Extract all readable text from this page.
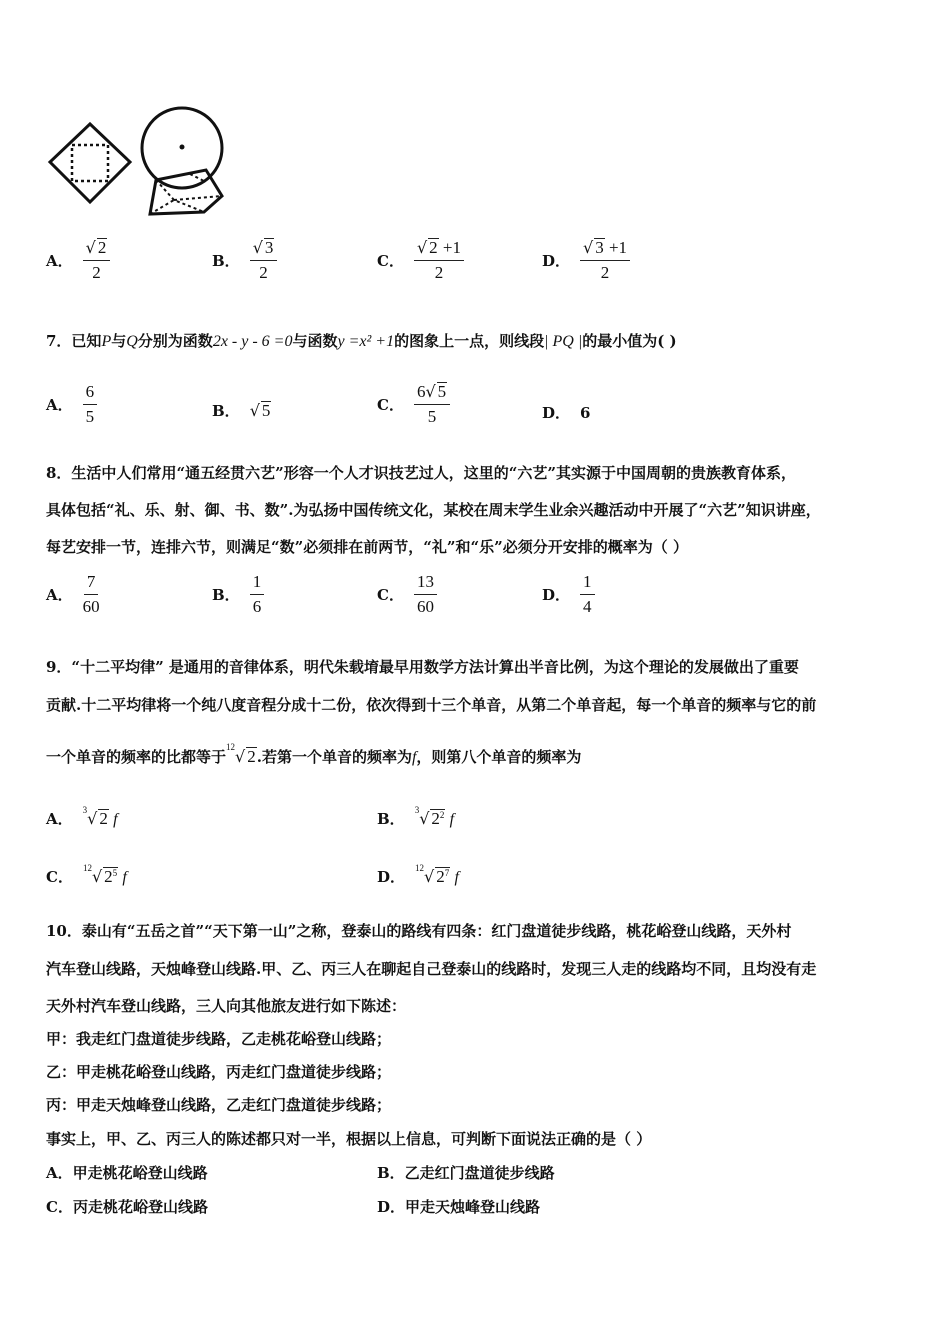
A． $\frac{√ 2}{2}$	B． $\frac{√ 3}{2}$	C． $\frac{√ 2 +1}{2}$	D． $\frac{√ 3 +1}{2}$
7．已知P与Q分别为函数2x - y - 6 =0与函数y =x² +1的图象上一点，则线段| PQ |的最小值为( )
A． $\frac{6}{5}$	B． √ 5	C． $\frac{6√ 5}{5}$	D． 6
8．生活中人们常用“通五经贯六艺”形容一个人才识技艺过人，这里的“六艺”其实源于中国周朝的贵族教育体系，
具体包括“礼、乐、射、御、书、数”.为弘扬中国传统文化，某校在周末学生业余兴趣活动中开展了“六艺”知识讲座，
每艺安排一节，连排六节，则满足“数”必须排在前两节，“礼”和“乐”必须分开安排的概率为（ ）
A． $\frac{7}{60}$	B． $\frac{1}{6}$	C． $\frac{13}{60}$	D． $\frac{1}{4}$
9．“十二平均律” 是通用的音律体系，明代朱载堉最早用数学方法计算出半音比例，为这个理论的发展做出了重要
贡献.十二平均律将一个纯八度音程分成十二份，依次得到十三个单音，从第二个单音起，每一个单音的频率与它的前
一个单音的频率的比都等于$^{12}$√ 2.若第一个单音的频率为f，则第八个单音的频率为
A．
$^3$√ 2 f	B．
$^3$√ $2^2$ f
C．
$^{12}$√ $2^5$ f	D．
$^{12}$√ $2^7$ f
10．泰山有“五岳之首”“天下第一山”之称，登泰山的路线有四条：红门盘道徒步线路，桃花峪登山线路，天外村
汽车登山线路，天烛峰登山线路.甲、乙、丙三人在聊起自己登泰山的线路时，发现三人走的线路均不同，且均没有走
天外村汽车登山线路，三人向其他旅友进行如下陈述：
甲：我走红门盘道徒步线路，乙走桃花峪登山线路；
乙：甲走桃花峪登山线路，丙走红门盘道徒步线路；
丙：甲走天烛峰登山线路，乙走红门盘道徒步线路；
事实上，甲、乙、丙三人的陈述都只对一半，根据以上信息，可判断下面说法正确的是（ ）
A．甲走桃花峪登山线路	B．乙走红门盘道徒步线路
C．丙走桃花峪登山线路	D．甲走天烛峰登山线路
